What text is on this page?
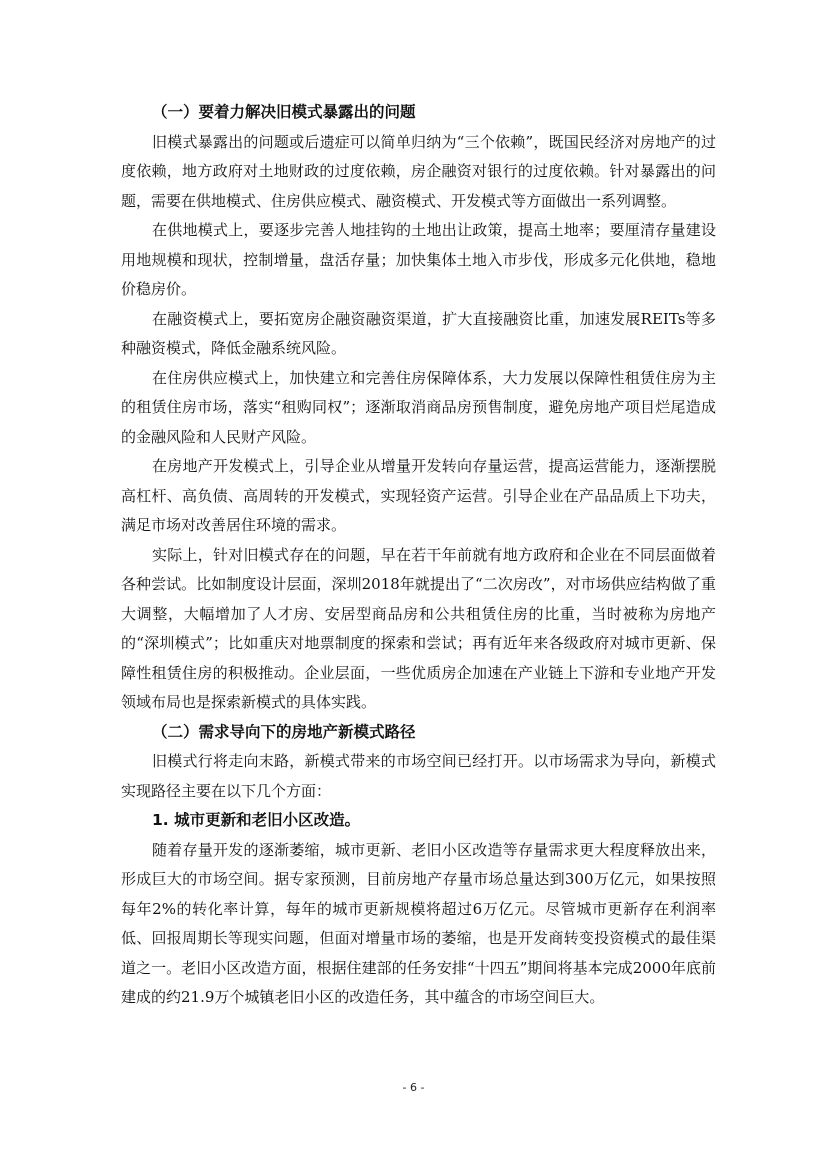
（一）要着力解决旧模式暴露出的问题

旧模式暴露出的问题或后遗症可以简单归纳为“三个依赖”，既国民经济对房地产的过度依赖，地方政府对土地财政的过度依赖，房企融资对银行的过度依赖。针对暴露出的问题，需要在供地模式、住房供应模式、融资模式、开发模式等方面做出一系列调整。

在供地模式上，要逐步完善人地挂钩的土地出让政策，提高土地率；要厘清存量建设用地规模和现状，控制增量，盘活存量；加快集体土地入市步伐，形成多元化供地，稳地价稳房价。

在融资模式上，要拓宽房企融资融资渠道，扩大直接融资比重，加速发展REITs等多种融资模式，降低金融系统风险。

在住房供应模式上，加快建立和完善住房保障体系，大力发展以保障性租赁住房为主的租赁住房市场，落实“租购同权”；逐渐取消商品房预售制度，避免房地产项目烂尾造成的金融风险和人民财产风险。

在房地产开发模式上，引导企业从增量开发转向存量运营，提高运营能力，逐渐摆脱高杠杆、高负债、高周转的开发模式，实现轻资产运营。引导企业在产品品质上下功夫，满足市场对改善居住环境的需求。

实际上，针对旧模式存在的问题，早在若干年前就有地方政府和企业在不同层面做着各种尝试。比如制度设计层面，深圳2018年就提出了“二次房改”，对市场供应结构做了重大调整，大幅增加了人才房、安居型商品房和公共租赁住房的比重，当时被称为房地产的“深圳模式”；比如重庆对地票制度的探索和尝试；再有近年来各级政府对城市更新、保障性租赁住房的积极推动。企业层面，一些优质房企加速在产业链上下游和专业地产开发领域布局也是探索新模式的具体实践。

（二）需求导向下的房地产新模式路径

旧模式行将走向末路，新模式带来的市场空间已经打开。以市场需求为导向，新模式实现路径主要在以下几个方面：

1. 城市更新和老旧小区改造。

随着存量开发的逐渐萎缩，城市更新、老旧小区改造等存量需求更大程度释放出来，形成巨大的市场空间。据专家预测，目前房地产存量市场总量达到300万亿元，如果按照每年2%的转化率计算，每年的城市更新规模将超过6万亿元。尽管城市更新存在利润率低、回报周期长等现实问题，但面对增量市场的萎缩，也是开发商转变投资模式的最佳渠道之一。老旧小区改造方面，根据住建部的任务安排“十四五”期间将基本完成2000年底前建成的约21.9万个城镇老旧小区的改造任务，其中蕴含的市场空间巨大。

- 6 -
